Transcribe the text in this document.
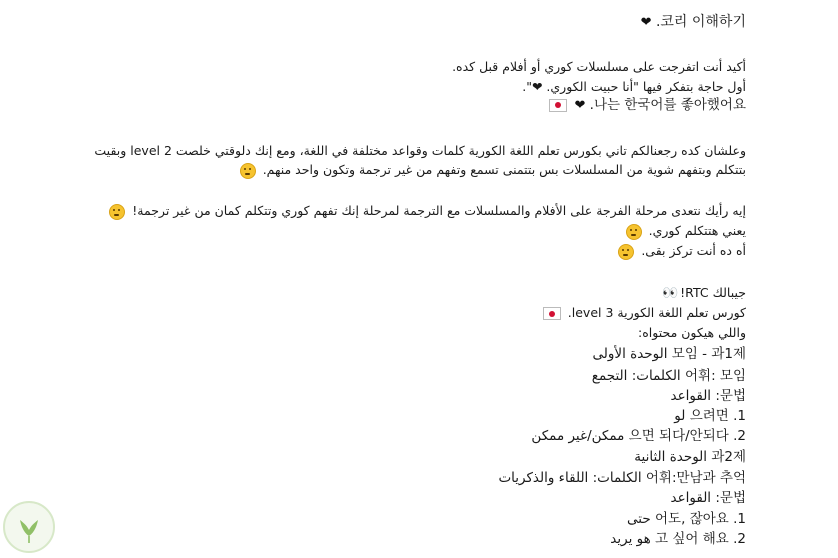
코리 이해하기. ❤
أكيد أنت اتفرجت على مسلسلات كوري أو أفلام قبل كده.
أول حاجة بتفكر فيها "أنا حبيت الكوري. ❤".
나는 한국어를 좋아했어요. ❤
وعلشان كده رجعنالكم تاني بكورس تعلم اللغة الكورية كلمات وقواعد مختلفة في اللغة، ومع إنك دلوقتي خلصت level 2 وبقيت
بتتكلم وبتفهم شوية من المسلسلات بس بتتمنى تسمع وتفهم من غير ترجمة وتكون واحد منهم.
إيه رأيك نتعدى مرحلة الفرجة على الأفلام والمسلسلات مع الترجمة لمرحلة إنك تفهم كوري وتتكلم كمان من غير ترجمة!
يعني هتتكلم كوري.
أه ده أنت تركز بقى.
جيبالك RTC! 👀
كورس تعلم اللغة الكورية level 3.
واللي هيكون محتواه:
모임 - 과1제 الوحدة الأولى
어휘: 모임 الكلمات: التجمع
문법: القواعد
1. 으려면 لو
2. 으면 되다/안되다 ممكن/غير ممكن
과2제 الوحدة الثانية
어휘:만남과 추억 الكلمات: اللقاء والذكريات
문법: القواعد
1. 어도, 잖아요 حتى
2. 고 싶어 해요 هو يريد
